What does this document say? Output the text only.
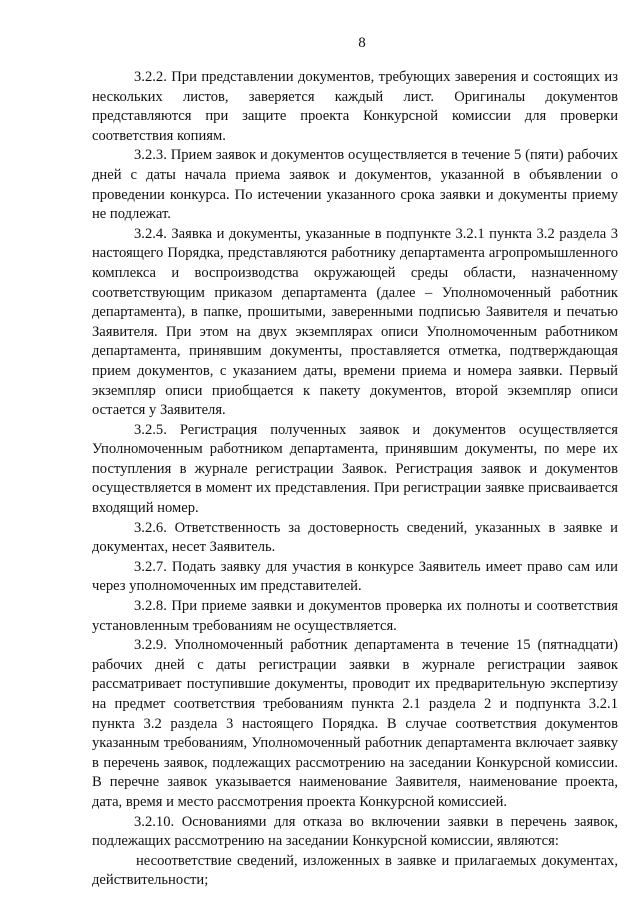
8

3.2.2. При представлении документов, требующих заверения и состоящих из нескольких листов, заверяется каждый лист. Оригиналы документов представляются при защите проекта Конкурсной комиссии для проверки соответствия копиям.

3.2.3. Прием заявок и документов осуществляется в течение 5 (пяти) рабочих дней с даты начала приема заявок и документов, указанной в объявлении о проведении конкурса. По истечении указанного срока заявки и документы приему не подлежат.

3.2.4. Заявка и документы, указанные в подпункте 3.2.1 пункта 3.2 раздела 3 настоящего Порядка, представляются работнику департамента агропромышленного комплекса и воспроизводства окружающей среды области, назначенному соответствующим приказом департамента (далее – Уполномоченный работник департамента), в папке, прошитыми, заверенными подписью Заявителя и печатью Заявителя. При этом на двух экземплярах описи Уполномоченным работником департамента, принявшим документы, проставляется отметка, подтверждающая прием документов, с указанием даты, времени приема и номера заявки. Первый экземпляр описи приобщается к пакету документов, второй экземпляр описи остается у Заявителя.

3.2.5. Регистрация полученных заявок и документов осуществляется Уполномоченным работником департамента, принявшим документы, по мере их поступления в журнале регистрации Заявок. Регистрация заявок и документов осуществляется в момент их представления. При регистрации заявке присваивается входящий номер.

3.2.6. Ответственность за достоверность сведений, указанных в заявке и документах, несет Заявитель.

3.2.7. Подать заявку для участия в конкурсе Заявитель имеет право сам или через уполномоченных им представителей.

3.2.8. При приеме заявки и документов проверка их полноты и соответствия установленным требованиям не осуществляется.

3.2.9. Уполномоченный работник департамента в течение 15 (пятнадцати) рабочих дней с даты регистрации заявки в журнале регистрации заявок рассматривает поступившие документы, проводит их предварительную экспертизу на предмет соответствия требованиям пункта 2.1 раздела 2 и подпункта 3.2.1 пункта 3.2 раздела 3 настоящего Порядка. В случае соответствия документов указанным требованиям, Уполномоченный работник департамента включает заявку в перечень заявок, подлежащих рассмотрению на заседании Конкурсной комиссии. В перечне заявок указывается наименование Заявителя, наименование проекта, дата, время и место рассмотрения проекта Конкурсной комиссией.

3.2.10. Основаниями для отказа во включении заявки в перечень заявок, подлежащих рассмотрению на заседании Конкурсной комиссии, являются:

несоответствие сведений, изложенных в заявке и прилагаемых документах, действительности;
